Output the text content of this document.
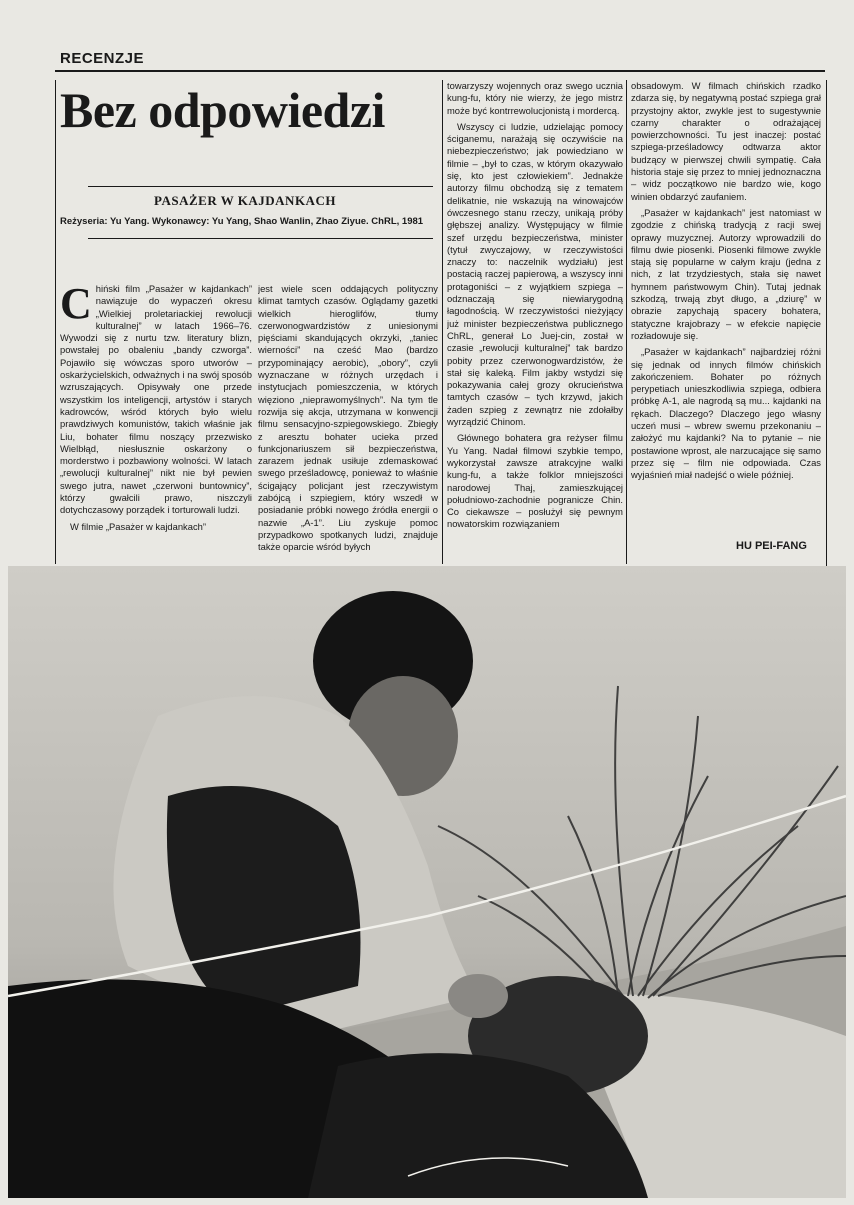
RECENZJE
Bez odpowiedzi
PASAŻER W KAJDANKACH
Reżyseria: Yu Yang. Wykonawcy: Yu Yang, Shao Wanlin, Zhao Ziyue. ChRL, 1981

Chiński film „Pasażer w kajdankach” nawiązuje do wypaczeń okresu „Wielkiej proletariackiej rewolucji kulturalnej” w latach 1966–76. Wywodzi się z nurtu tzw. literatury blizn, powstałej po obaleniu „bandy czworga”. Pojawiło się wówczas sporo utworów – oskarżycielskich, odważnych i na swój sposób wzruszających. Opisywały one przede wszystkim los inteligencji, artystów i starych kadrowców, wśród których było wielu prawdziwych komunistów, takich właśnie jak Liu, bohater filmu noszący przezwisko Wielbłąd, niesłusznie oskarżony o morderstwo i pozbawiony wolności. W latach „rewolucji kulturalnej” nikt nie był pewien swego jutra, nawet „czerwoni buntownicy”, którzy gwałcili prawo, niszczyli dotychczasowy porządek i torturowali ludzi.

W filmie „Pasażer w kajdankach”

jest wiele scen oddających polityczny klimat tamtych czasów. Oglądamy gazetki wielkich hieroglifów, tłumy czerwonogwardzistów z uniesionymi pięściami skandujących okrzyki, „taniec wierności” na cześć Mao (bardzo przypominający aerobic), „obory”, czyli wyznaczane w różnych urzędach i instytucjach pomieszczenia, w których więziono „nieprawomyślnych”. Na tym tle rozwija się akcja, utrzymana w konwencji filmu sensacyjno-szpiegowskiego. Zbiegły z aresztu bohater ucieka przed funkcjonariuszem sił bezpieczeństwa, zarazem jednak usiłuje zdemaskować swego prześladowcę, ponieważ to właśnie ścigający policjant jest rzeczywistym zabójcą i szpiegiem, który wszedł w posiadanie próbki nowego źródła energii o nazwie „A-1”. Liu zyskuje pomoc przypadkowo spotkanych ludzi, znajduje także oparcie wśród byłych

towarzyszy wojennych oraz swego ucznia kung-fu, który nie wierzy, że jego mistrz może być kontrrewolucjonistą i mordercą.

Wszyscy ci ludzie, udzielając pomocy ściganemu, narażają się oczywiście na niebezpieczeństwo; jak powiedziano w filmie – „był to czas, w którym okazywało się, kto jest człowiekiem”. Jednakże autorzy filmu obchodzą się z tematem delikatnie, nie wskazują na winowajców ówczesnego stanu rzeczy, unikają próby głębszej analizy. Występujący w filmie szef urzędu bezpieczeństwa, minister (tytuł zwyczajowy, w rzeczywistości znaczy to: naczelnik wydziału) jest postacią raczej papierową, a wszyscy inni protagoniści – z wyjątkiem szpiega – odznaczają się niewiarygodną łagodnością. W rzeczywistości nieżyjący już minister bezpieczeństwa publicznego ChRL, generał Lo Juej-cin, został w czasie „rewolucji kulturalnej” tak bardzo pobity przez czerwonogwardzistów, że stał się kaleką. Film jakby wstydzi się pokazywania całej grozy okrucieństwa tamtych czasów – tych krzywd, jakich żaden szpieg z zewnątrz nie zdołałby wyrządzić Chinom.

Głównego bohatera gra reżyser filmu Yu Yang. Nadał filmowi szybkie tempo, wykorzystał zawsze atrakcyjne walki kung-fu, a także folklor mniejszości narodowej Thaj, zamieszkującej południowo-zachodnie pogranicze Chin. Co ciekawsze – posłużył się pewnym nowatorskim rozwiązaniem

obsadowym. W filmach chińskich rzadko zdarza się, by negatywną postać szpiega grał przystojny aktor, zwykle jest to sugestywnie czarny charakter o odrażającej powierzchowności. Tu jest inaczej: postać szpiega-prześladowcy odtwarza aktor budzący w pierwszej chwili sympatię. Cała historia staje się przez to mniej jednoznaczna – widz początkowo nie bardzo wie, kogo winien obdarzyć zaufaniem.

„Pasażer w kajdankach” jest natomiast w zgodzie z chińską tradycją z racji swej oprawy muzycznej. Autorzy wprowadzili do filmu dwie piosenki. Piosenki filmowe zwykle stają się popularne w całym kraju (jedna z nich, z lat trzydziestych, stała się nawet hymnem państwowym Chin). Tutaj jednak szkodzą, trwają zbyt długo, a „dziurę” w obrazie zapychają spacery bohatera, statyczne krajobrazy – w efekcie napięcie rozładowuje się.

„Pasażer w kajdankach” najbardziej różni się jednak od innych filmów chińskich zakończeniem. Bohater po różnych perypetiach unieszkodliwia szpiega, odbiera próbkę A-1, ale nagrodą są mu... kajdanki na rękach. Dlaczego? Dlaczego jego własny uczeń musi – wbrew swemu przekonaniu – założyć mu kajdanki? Na to pytanie – nie postawione wprost, ale narzucające się samo przez się – film nie odpowiada. Czas wyjaśnień miał nadejść o wiele później.

HU PEI-FANG
